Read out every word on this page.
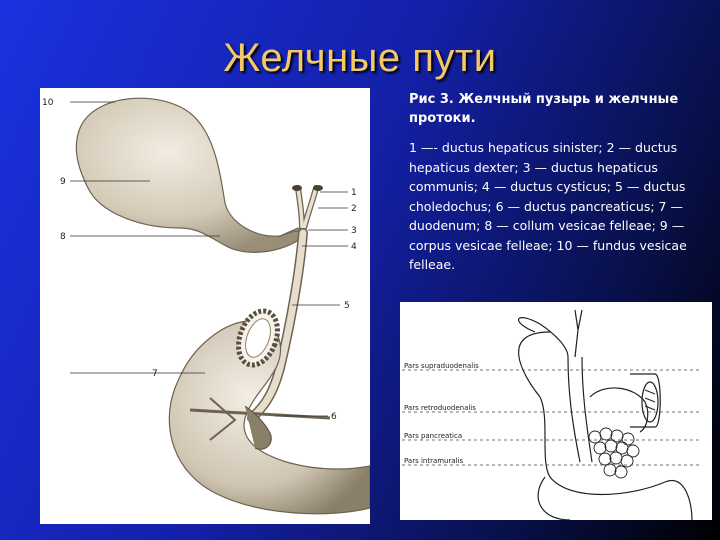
Желчные пути
10
9
8
1
2
3
4
5
7
6

Рис 3. Желчный пузырь и желчные протоки.

1 —- ductus hepaticus sinister; 2 — ductus hepaticus dexter; 3 — ductus hepaticus communis; 4 — ductus cysticus; 5 — ductus choledochus; 6 — ductus pancreaticus; 7 — duodenum; 8 — collum vesicae felleae; 9 — corpus vesicae felleae; 10 — fundus vesicae felleae.

Pars supraduodenalis
Pars retroduodenalis
Pars pancreatica
Pars intramuralis
